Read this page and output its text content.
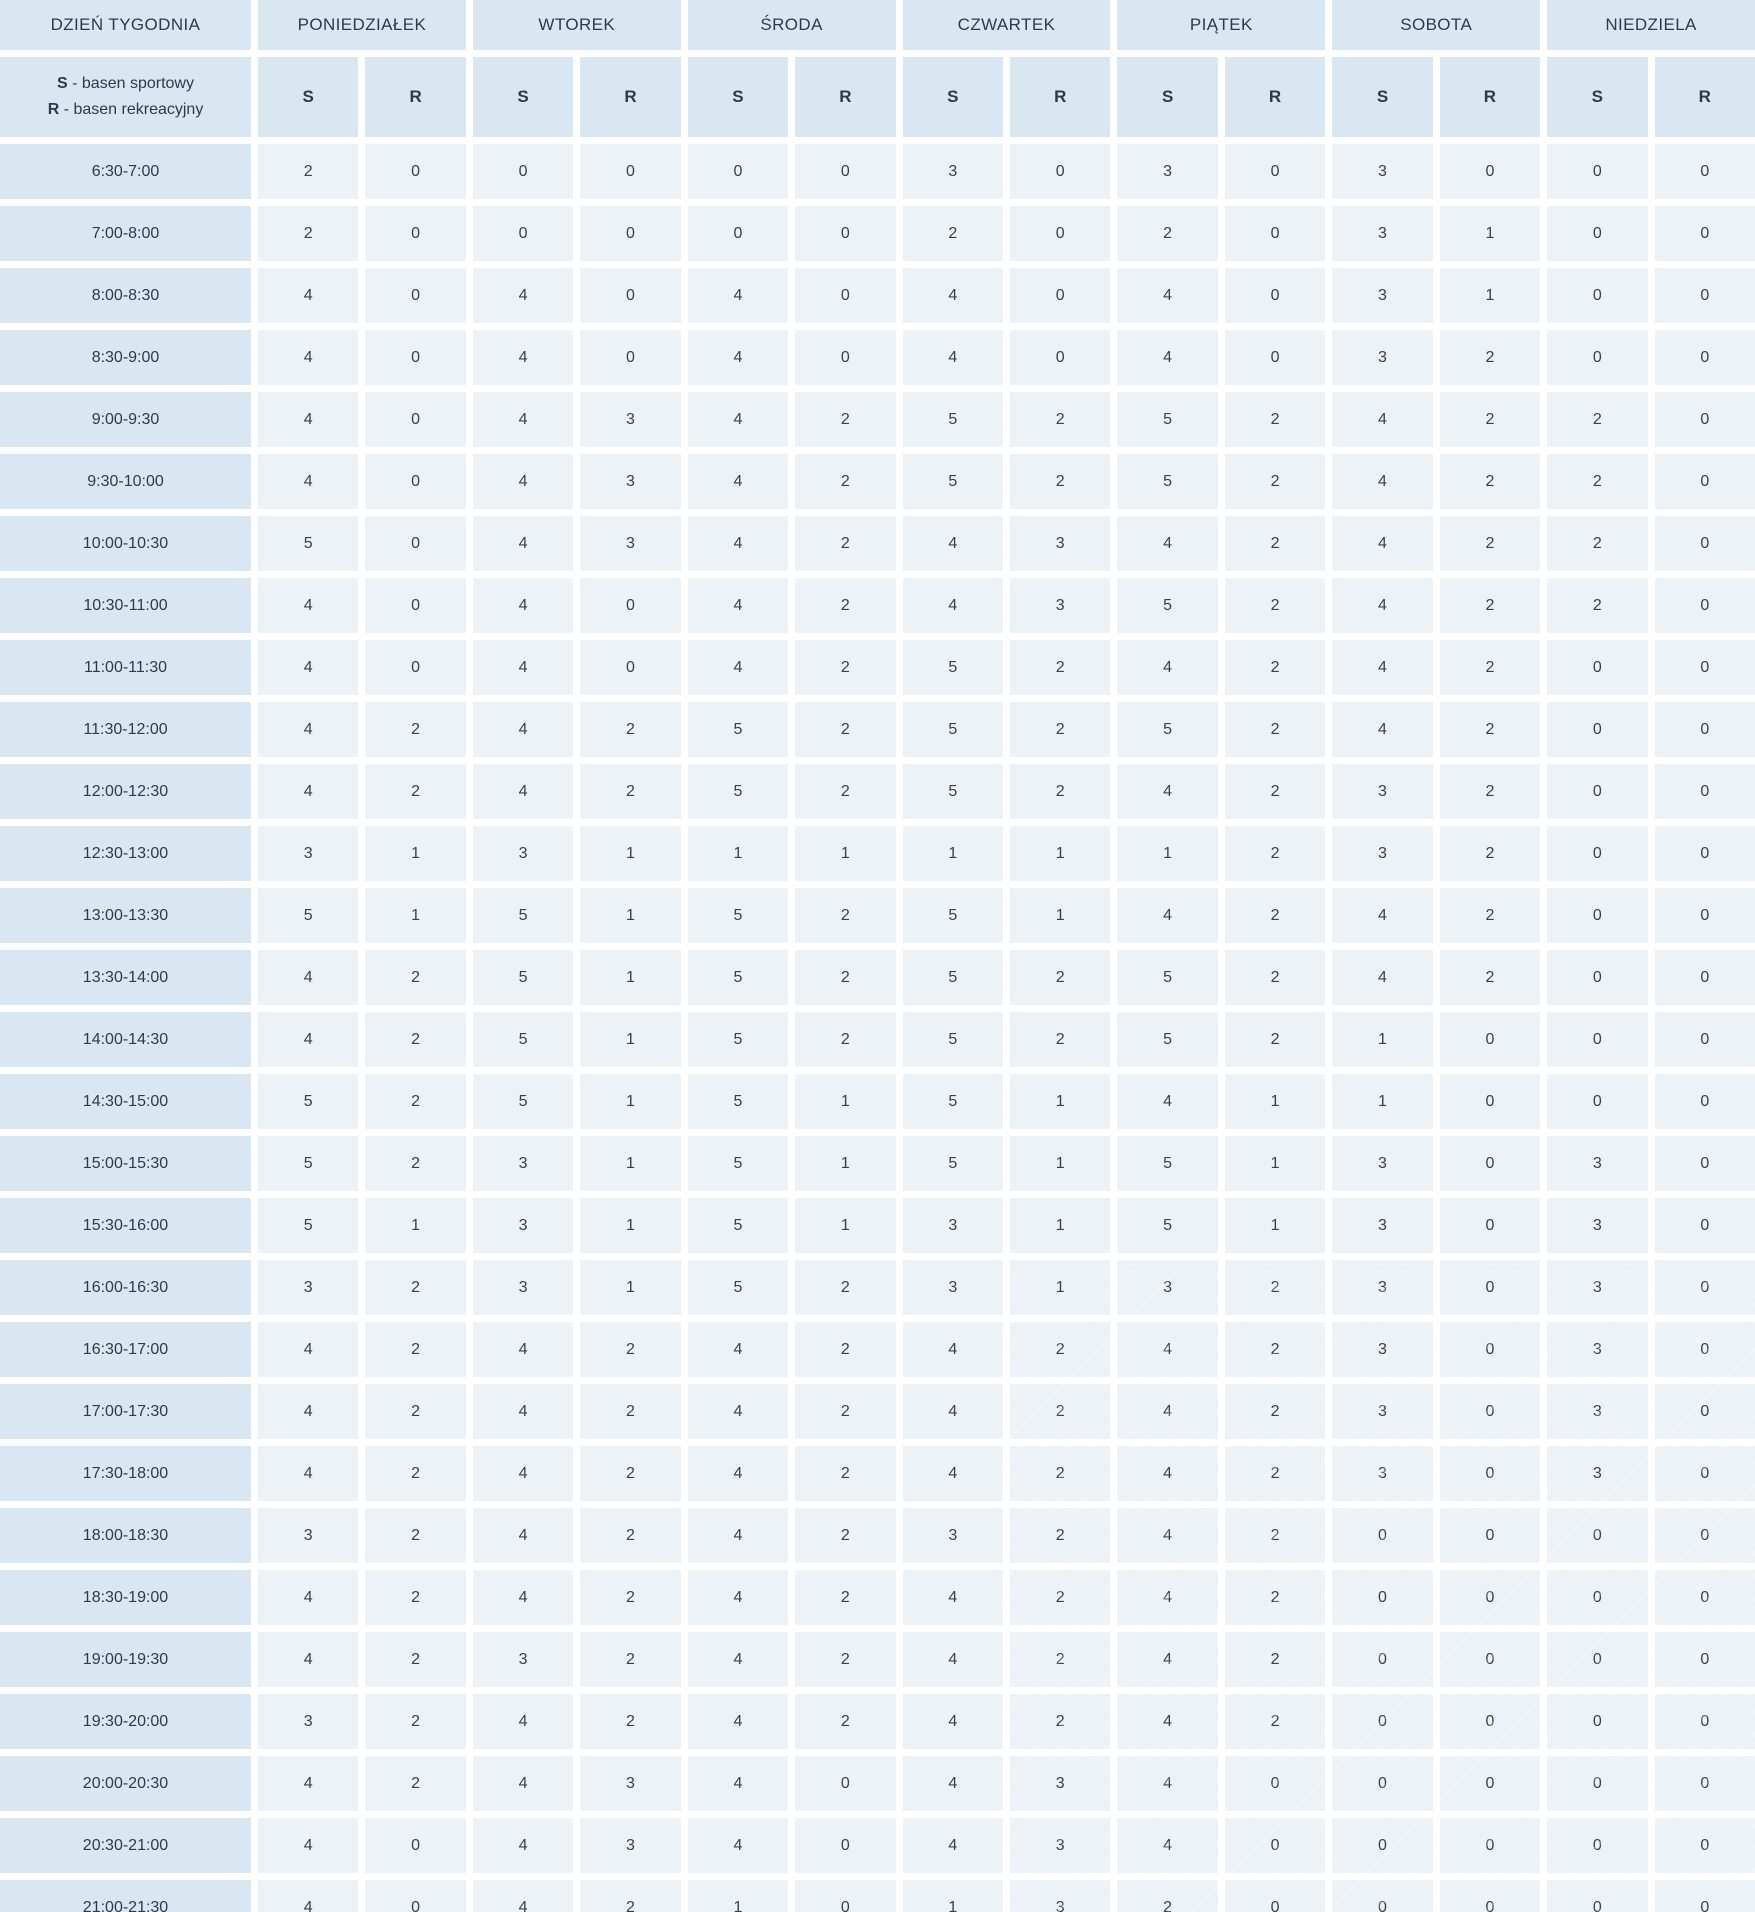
DZIEŃ TYGODNIA
S - basen sportowy
R - basen rekreacyjny
PONIEDZIAŁEK	WTOREK	ŚRODA	CZWARTEK	PIĄTEK	SOBOTA	NIEDZIELA
S	R	S	R	S	R	S	R	S	R	S	R	S	R
6:30-7:00	2	0	0	0	0	0	3	0	3	0	3	0	0	0
7:00-8:00	2	0	0	0	0	0	2	0	2	0	3	1	0	0
8:00-8:30	4	0	4	0	4	0	4	0	4	0	3	1	0	0
8:30-9:00	4	0	4	0	4	0	4	0	4	0	3	2	0	0
9:00-9:30	4	0	4	3	4	2	5	2	5	2	4	2	2	0
9:30-10:00	4	0	4	3	4	2	5	2	5	2	4	2	2	0
10:00-10:30	5	0	4	3	4	2	4	3	4	2	4	2	2	0
10:30-11:00	4	0	4	0	4	2	4	3	5	2	4	2	2	0
11:00-11:30	4	0	4	0	4	2	5	2	4	2	4	2	0	0
11:30-12:00	4	2	4	2	5	2	5	2	5	2	4	2	0	0
12:00-12:30	4	2	4	2	5	2	5	2	4	2	3	2	0	0
12:30-13:00	3	1	3	1	1	1	1	1	1	2	3	2	0	0
13:00-13:30	5	1	5	1	5	2	5	1	4	2	4	2	0	0
13:30-14:00	4	2	5	1	5	2	5	2	5	2	4	2	0	0
14:00-14:30	4	2	5	1	5	2	5	2	5	2	1	0	0	0
14:30-15:00	5	2	5	1	5	1	5	1	4	1	1	0	0	0
15:00-15:30	5	2	3	1	5	1	5	1	5	1	3	0	3	0
15:30-16:00	5	1	3	1	5	1	3	1	5	1	3	0	3	0
16:00-16:30	3	2	3	1	5	2	3	1	3	2	3	0	3	0
16:30-17:00	4	2	4	2	4	2	4	2	4	2	3	0	3	0
17:00-17:30	4	2	4	2	4	2	4	2	4	2	3	0	3	0
17:30-18:00	4	2	4	2	4	2	4	2	4	2	3	0	3	0
18:00-18:30	3	2	4	2	4	2	3	2	4	2	0	0	0	0
18:30-19:00	4	2	4	2	4	2	4	2	4	2	0	0	0	0
19:00-19:30	4	2	3	2	4	2	4	2	4	2	0	0	0	0
19:30-20:00	3	2	4	2	4	2	4	2	4	2	0	0	0	0
20:00-20:30	4	2	4	3	4	0	4	3	4	0	0	0	0	0
20:30-21:00	4	0	4	3	4	0	4	3	4	0	0	0	0	0
21:00-21:30	4	0	4	2	1	0	1	3	2	0	0	0	0	0
